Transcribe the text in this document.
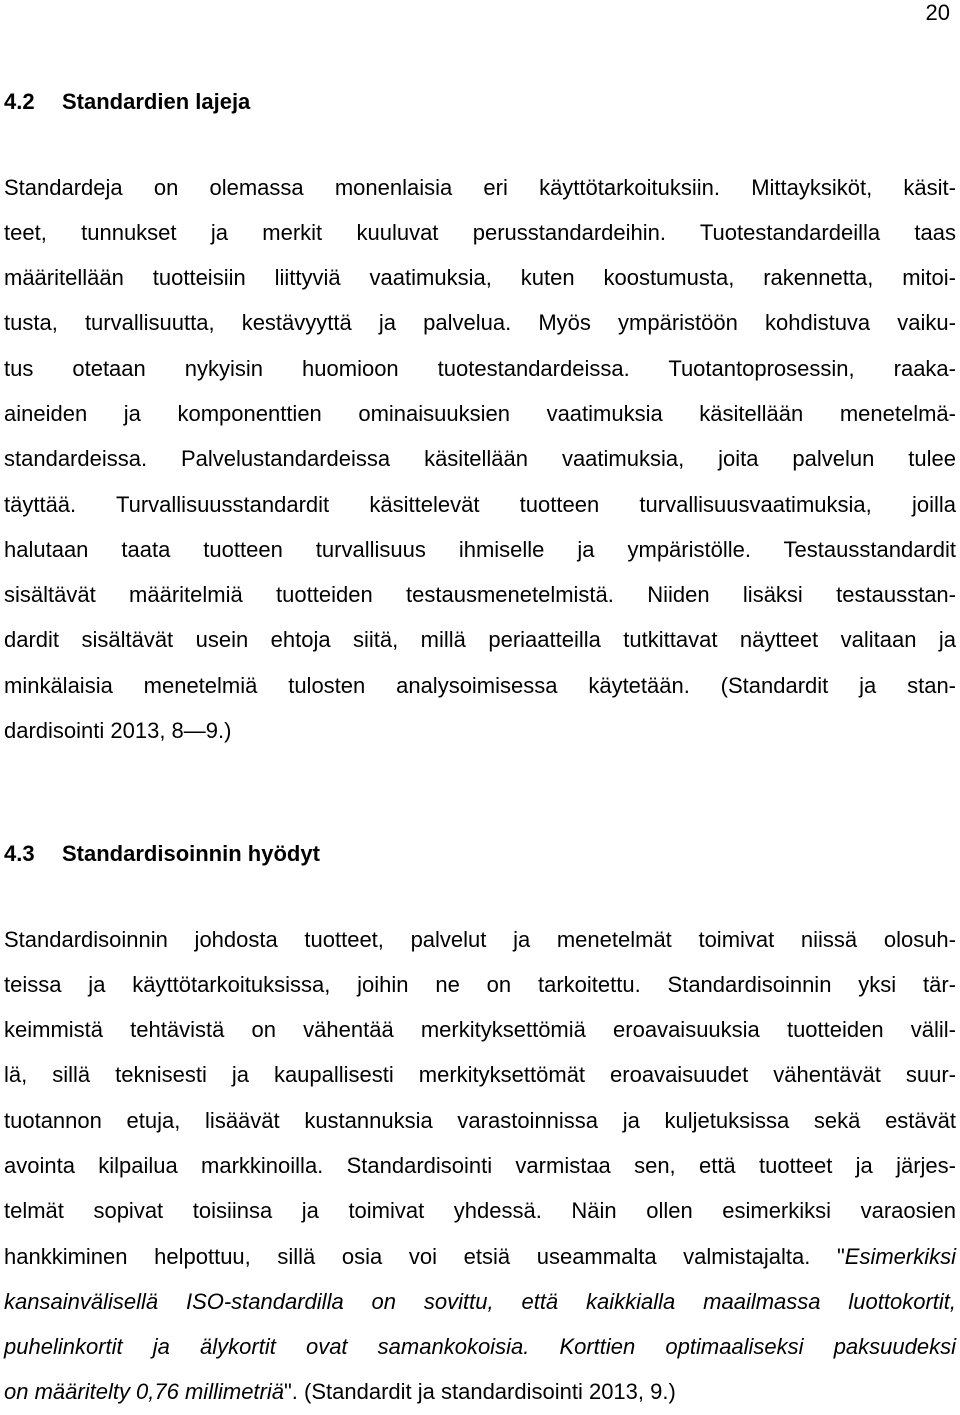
20
4.2 Standardien lajeja
Standardeja on olemassa monenlaisia eri käyttötarkoituksiin. Mittayksiköt, käsit-
teet, tunnukset ja merkit kuuluvat perusstandardeihin. Tuotestandardeilla taas
määritellään tuotteisiin liittyviä vaatimuksia, kuten koostumusta, rakennetta, mitoi-
tusta, turvallisuutta, kestävyyttä ja palvelua. Myös ympäristöön kohdistuva vaiku-
tus otetaan nykyisin huomioon tuotestandardeissa. Tuotantoprosessin, raaka-
aineiden ja komponenttien ominaisuuksien vaatimuksia käsitellään menetelmä-
standardeissa. Palvelustandardeissa käsitellään vaatimuksia, joita palvelun tulee
täyttää. Turvallisuusstandardit käsittelevät tuotteen turvallisuusvaatimuksia, joilla
halutaan taata tuotteen turvallisuus ihmiselle ja ympäristölle. Testausstandardit
sisältävät määritelmiä tuotteiden testausmenetelmistä. Niiden lisäksi testausstan-
dardit sisältävät usein ehtoja siitä, millä periaatteilla tutkittavat näytteet valitaan ja
minkälaisia menetelmiä tulosten analysoimisessa käytetään. (Standardit ja stan-
dardisointi 2013, 8—9.)
4.3 Standardisoinnin hyödyt
Standardisoinnin johdosta tuotteet, palvelut ja menetelmät toimivat niissä olosuh-
teissa ja käyttötarkoituksissa, joihin ne on tarkoitettu. Standardisoinnin yksi tär-
keimmistä tehtävistä on vähentää merkityksettömiä eroavaisuuksia tuotteiden välil-
lä, sillä teknisesti ja kaupallisesti merkityksettömät eroavaisuudet vähentävät suur-
tuotannon etuja, lisäävät kustannuksia varastoinnissa ja kuljetuksissa sekä estävät
avointa kilpailua markkinoilla. Standardisointi varmistaa sen, että tuotteet ja järjes-
telmät sopivat toisiinsa ja toimivat yhdessä. Näin ollen esimerkiksi varaosien
hankkiminen helpottuu, sillä osia voi etsiä useammalta valmistajalta. "Esimerkiksi
kansainvälisellä ISO-standardilla on sovittu, että kaikkialla maailmassa luottokortit,
puhelinkortit ja älykortit ovat samankokoisia. Korttien optimaaliseksi paksuudeksi
on määritelty 0,76 millimetriä". (Standardit ja standardisointi 2013, 9.)
